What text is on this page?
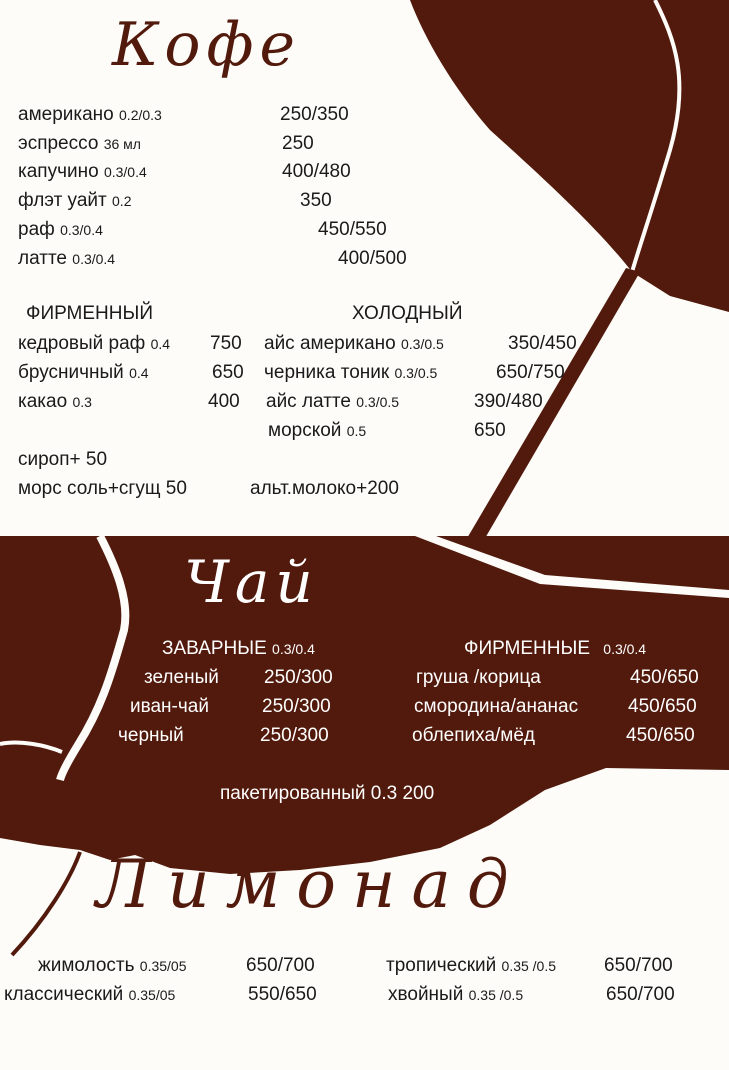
Кофе
американо 0.2/0.3	250/350
эспрессо 36 мл	250
капучино 0.3/0.4	400/480
флэт уайт 0.2	350
раф 0.3/0.4	450/550
латте 0.3/0.4	400/500
ФИРМЕННЫЙ
кедровый раф 0.4 750
брусничный 0.4	650
какао 0.3	400
ХОЛОДНЫЙ
айс американо 0.3/0.5	350/450
черника тоник 0.3/0.5	650/750
айс латте 0.3/0.5	390/480
морской 0.5	650
сироп+ 50
морс соль+сгущ 50	альт.молоко+200
Чай
ЗАВАРНЫЕ 0.3/0.4
зеленый 250/300
иван-чай	250/300
черный	250/300
ФИРМЕННЫЕ 0.3/0.4
груша /корица	450/650
смородина/ананас	450/650
облепиха/мёд	450/650
пакетированный 0.3 200
Лимонад
жимолость 0.35/05	650/700
классический 0.35/05	550/650
тропический 0.35 /0.5	650/700
хвойный 0.35 /0.5	650/700
